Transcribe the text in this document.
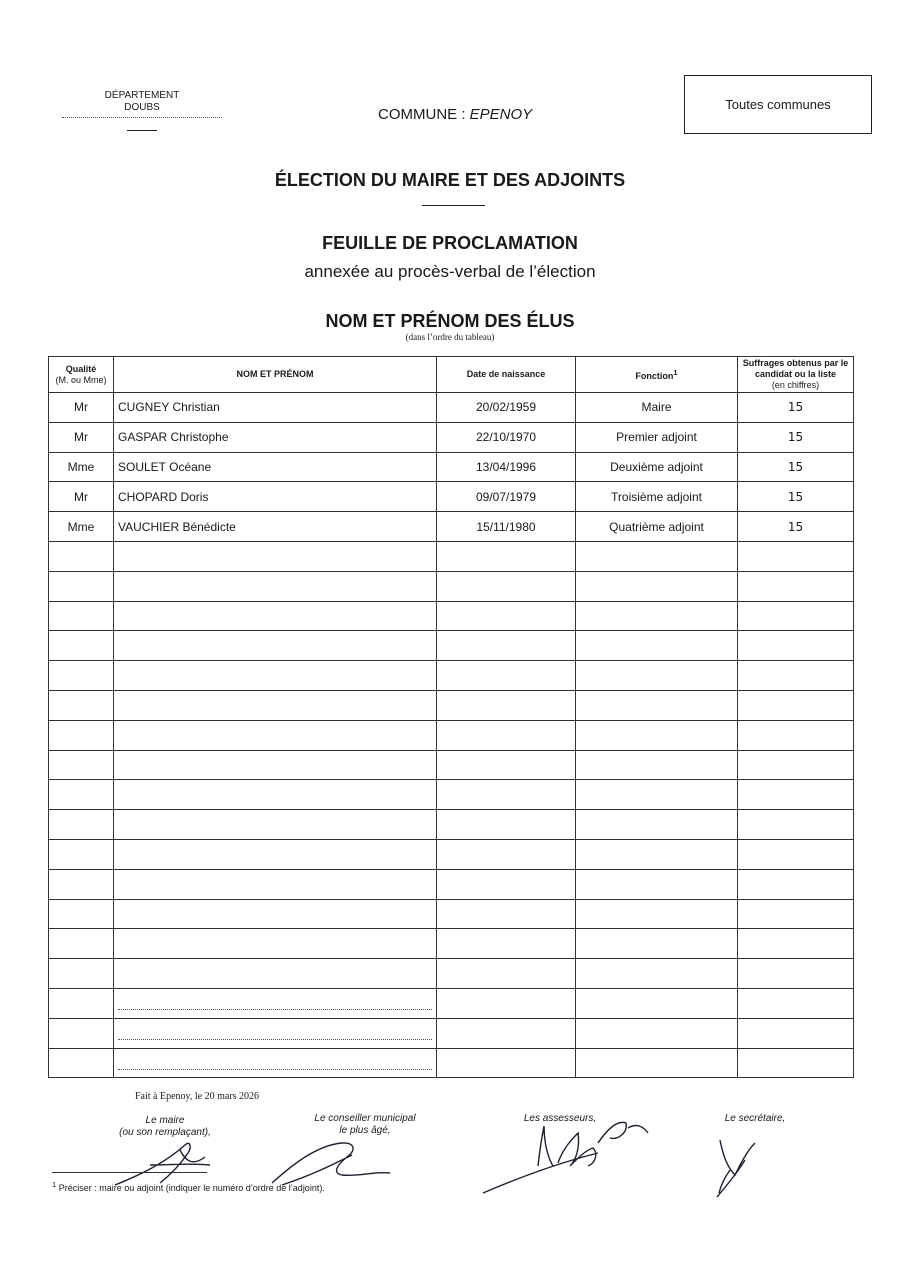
DÉPARTEMENT
DOUBS	COMMUNE : EPENOY
Toutes communes
ÉLECTION DU MAIRE ET DES ADJOINTS
FEUILLE DE PROCLAMATION
annexée au procès-verbal de l’élection
NOM ET PRÉNOM DES ÉLUS
(dans l’ordre du tableau)
Qualité
(M. ou Mme)	NOM ET PRÉNOM	Date de naissance	Fonction$^1$	Suffrages obtenus par le candidat ou la liste
(en chiffres)
Mr	CUGNEY Christian	20/02/1959	Maire	15
Mr	GASPAR Christophe	22/10/1970	Premier adjoint	15
Mme	SOULET Océane	13/04/1996	Deuxième adjoint	15
Mr	CHOPARD Doris	09/07/1979	Troisième adjoint	15
Mme	VAUCHIER Bénédicte	15/11/1980	Quatrième adjoint	15

Fait à Epenoy, le 20 mars 2026
Le maire
(ou son remplaçant),
Le conseiller municipal
le plus âgé,
Les assesseurs,	Le secrétaire,
$^1$ Préciser : maire ou adjoint (indiquer le numéro d’ordre de l’adjoint).
